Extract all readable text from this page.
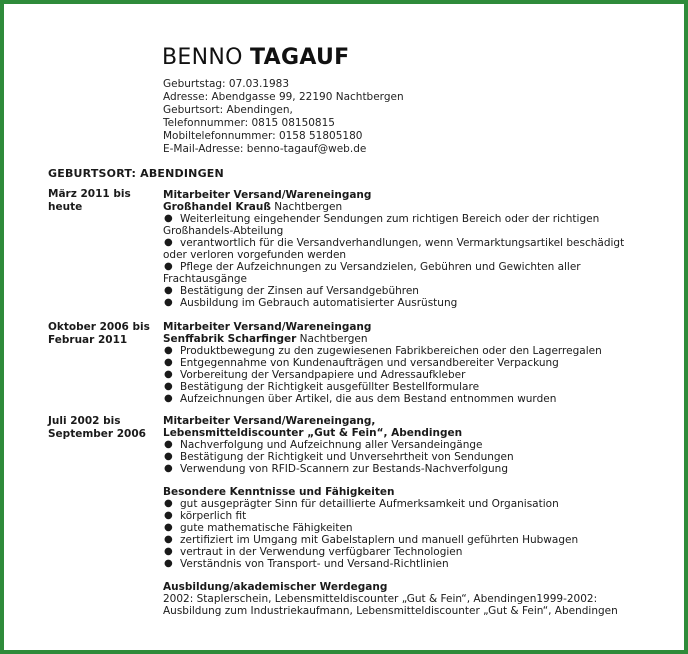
BENNO TAGAUF
Geburtstag: 07.03.1983
Adresse: Abendgasse 99, 22190 Nachtbergen
Geburtsort: Abendingen,
Telefonnummer: 0815 08150815
Mobiltelefonnummer: 0158 51805180
E-Mail-Adresse: benno-tagauf@web.de
GEBURTSORT: ABENDINGEN
März 2011 bis heute
Mitarbeiter Versand/Wareneingang
Großhandel Krauß Nachtbergen
● Weiterleitung eingehender Sendungen zum richtigen Bereich oder der richtigen
Großhandels-Abteilung
● verantwortlich für die Versandverhandlungen, wenn Vermarktungsartikel beschädigt
oder verloren vorgefunden werden
● Pflege der Aufzeichnungen zu Versandzielen, Gebühren und Gewichten aller
Frachtausgänge
● Bestätigung der Zinsen auf Versandgebühren
● Ausbildung im Gebrauch automatisierter Ausrüstung
Oktober 2006 bis
Februar 2011
Mitarbeiter Versand/Wareneingang
Senffabrik Scharfinger Nachtbergen
● Produktbewegung zu den zugewiesenen Fabrikbereichen oder den Lagerregalen
● Entgegennahme von Kundenaufträgen und versandbereiter Verpackung
● Vorbereitung der Versandpapiere und Adressaufkleber
● Bestätigung der Richtigkeit ausgefüllter Bestellformulare
● Aufzeichnungen über Artikel, die aus dem Bestand entnommen wurden
Juli 2002 bis
September 2006
Mitarbeiter Versand/Wareneingang,
Lebensmitteldiscounter „Gut & Fein“, Abendingen
● Nachverfolgung und Aufzeichnung aller Versandeingänge
● Bestätigung der Richtigkeit und Unversehrtheit von Sendungen
● Verwendung von RFID-Scannern zur Bestands-Nachverfolgung
Besondere Kenntnisse und Fähigkeiten
● gut ausgeprägter Sinn für detaillierte Aufmerksamkeit und Organisation
● körperlich fit
● gute mathematische Fähigkeiten
● zertifiziert im Umgang mit Gabelstaplern und manuell geführten Hubwagen
● vertraut in der Verwendung verfügbarer Technologien
● Verständnis von Transport- und Versand-Richtlinien
Ausbildung/akademischer Werdegang
2002: Staplerschein, Lebensmitteldiscounter „Gut & Fein“, Abendingen1999-2002:
Ausbildung zum Industriekaufmann, Lebensmitteldiscounter „Gut & Fein“, Abendingen
